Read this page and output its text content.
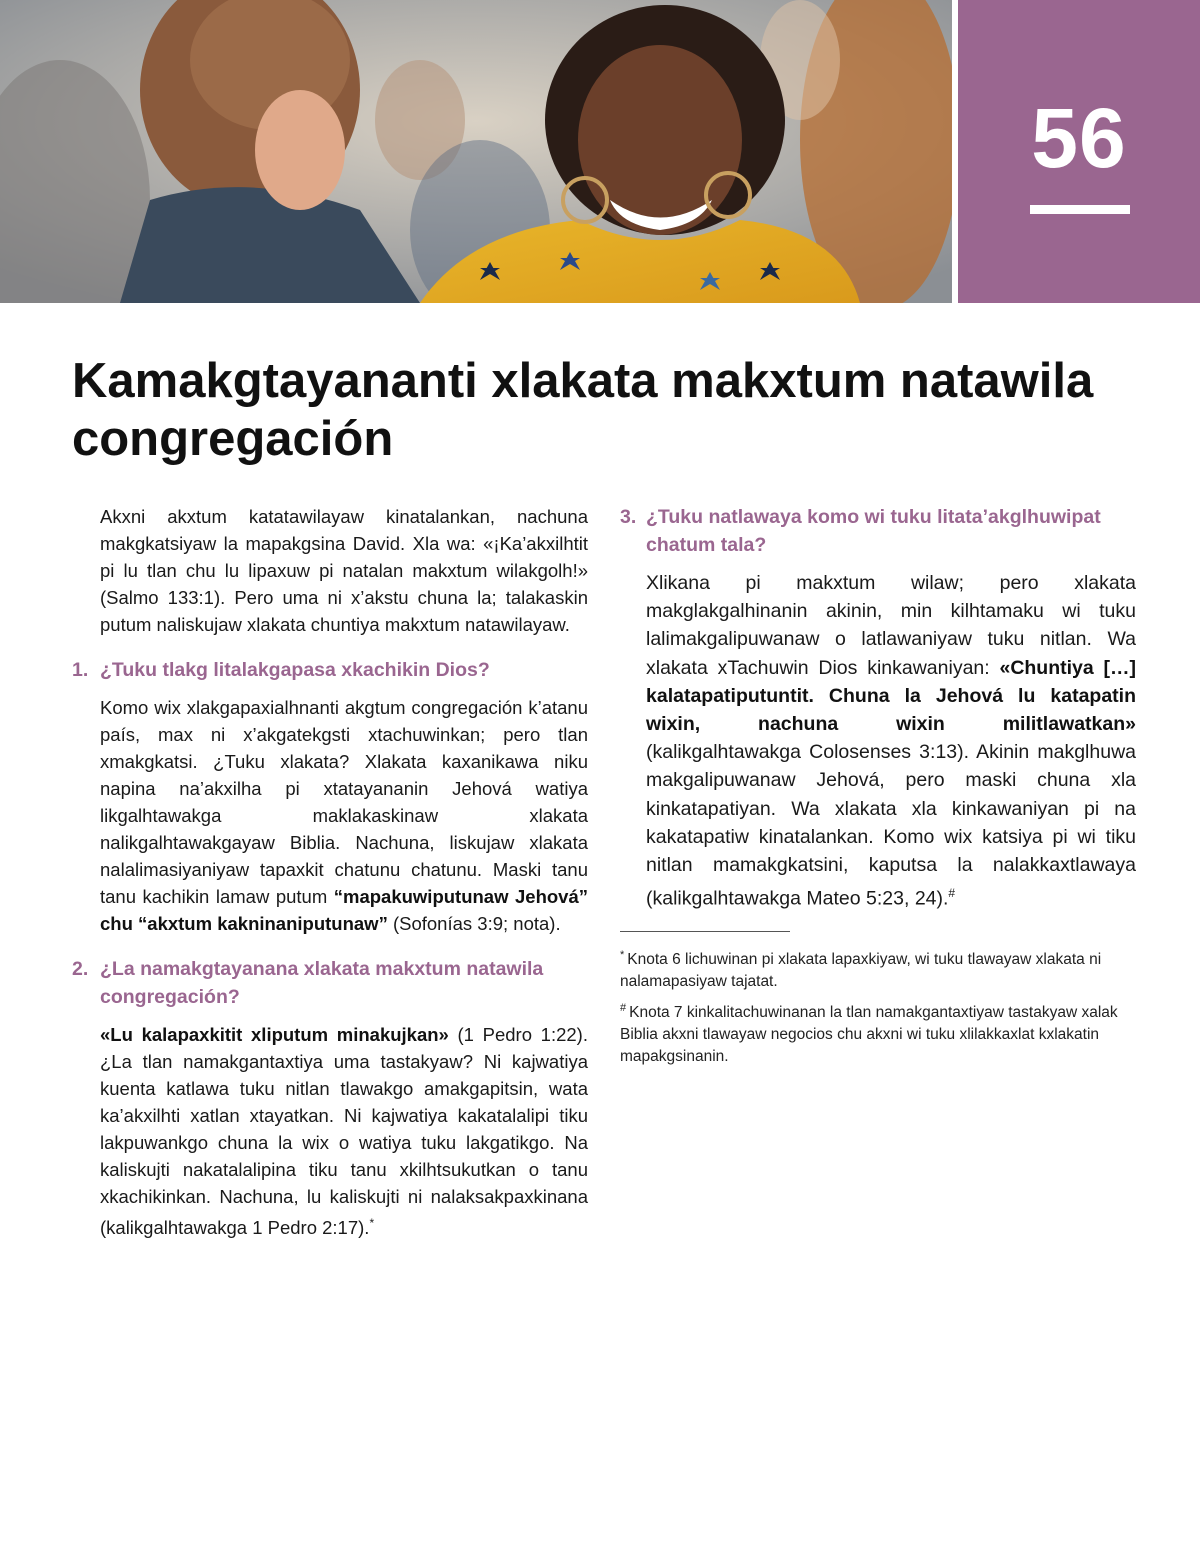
56
Kamakgtayananti xlakata makxtum natawila congregación

Akxni akxtum katatawilayaw kinatalankan, nachuna makgkatsiyaw la mapakgsina David. Xla wa: «¡Ka’akxilhtit pi lu tlan chu lu lipaxuw pi natalan makxtum wilakgolh!» (Salmo 133:1). Pero uma ni x’akstu chuna la; talakaskin putum naliskujaw xlakata chuntiya makxtum natawilayaw.

1. ¿Tuku tlakg litalakgapasa xkachikin Dios?

Komo wix xlakgapaxialhnanti akgtum congregación k’atanu país, max ni x’akgatekgsti xtachuwinkan; pero tlan xmakgkatsi. ¿Tuku xlakata? Xlakata kaxanikawa niku napina na’akxilha pi xtatayananin Jehová watiya likgalhtawakga maklakaskinaw xlakata nalikgalhtawakgayaw Biblia. Nachuna, liskujaw xlakata nalalimasiyaniyaw tapaxkit chatunu chatunu. Maski tanu tanu kachikin lamaw putum “mapakuwiputunaw Jehová” chu “akxtum kakninaniputunaw” (Sofonías 3:9; nota).

2. ¿La namakgtayanana xlakata makxtum natawila congregación?

«Lu kalapaxkitit xliputum minakujkan» (1 Pedro 1:22). ¿La tlan namakgantaxtiya uma tastakyaw? Ni kajwatiya kuenta katlawa tuku nitlan tlawakgo amakgapitsin, wata ka’akxilhti xatlan xtayatkan. Ni kajwatiya kakatalalipi tiku lakpuwankgo chuna la wix o watiya tuku lakgatikgo. Na kaliskujti nakatalalipina tiku tanu xkilhtsukutkan o tanu xkachikinkan. Nachuna, lu kaliskujti ni nalaksakpaxkinana (kalikgalhtawakga 1 Pedro 2:17).*

3. ¿Tuku natlawaya komo wi tuku litata’akglhuwipat chatum tala?

Xlikana pi makxtum wilaw; pero xlakata makglakgalhinanin akinin, min kilhtamaku wi tuku lalimakgalipuwanaw o latlawaniyaw tuku nitlan. Wa xlakata xTachuwin Dios kinkawaniyan: «Chuntiya […] kalatapatiputuntit. Chuna la Jehová lu katapatin wixin, nachuna wixin militlawatkan» (kalikgalhtawakga Colosenses 3:13). Akinin makglhuwa makgalipuwanaw Jehová, pero maski chuna xla kinkatapatiyan. Wa xlakata xla kinkawaniyan pi na kakatapatiw kinatalankan. Komo wix katsiya pi wi tiku nitlan mamakgkatsini, kaputsa la nalakkaxtlawaya (kalikgalhtawakga Mateo 5:23, 24).#

* Knota 6 lichuwinan pi xlakata lapaxkiyaw, wi tuku tlawayaw xlakata ni nalamapasiyaw tajatat.
# Knota 7 kinkalitachuwinanan la tlan namakgantaxtiyaw tastakyaw xalak Biblia akxni tlawayaw negocios chu akxni wi tuku xlilakkaxlat kxlakatin mapakgsinanin.
